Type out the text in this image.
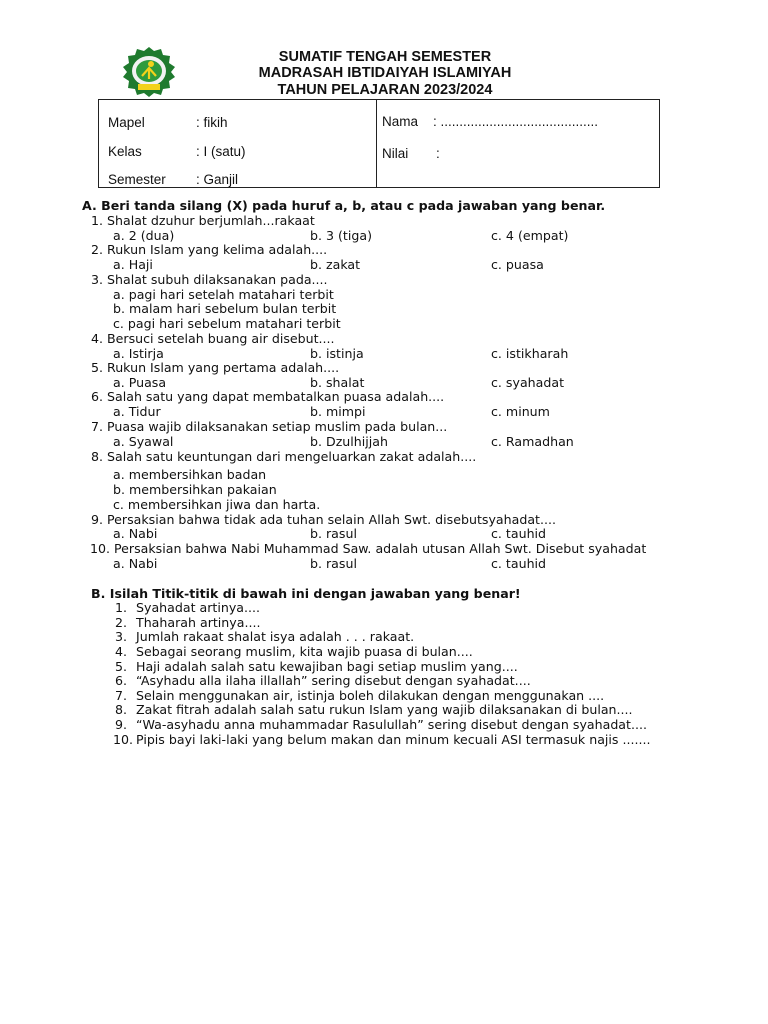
SUMATIF TENGAH SEMESTER
MADRASAH IBTIDAIYAH ISLAMIYAH
TAHUN PELAJARAN 2023/2024
Mapel	: fikih
Kelas	: I (satu)
Semester : Ganjil
Nama : ..........................................
Nilai :
A. Beri tanda silang (X) pada huruf a, b, atau c pada jawaban yang benar.
1. Shalat dzuhur berjumlah...rakaat
a. 2 (dua)	b. 3 (tiga)	c. 4 (empat)
2. Rukun Islam yang kelima adalah....
a. Haji	b. zakat	c. puasa
3. Shalat subuh dilaksanakan pada....
a. pagi hari setelah matahari terbit
b. malam hari sebelum bulan terbit
c. pagi hari sebelum matahari terbit
4. Bersuci setelah buang air disebut....
a. Istirja	b. istinja	c. istikharah
5. Rukun Islam yang pertama adalah....
a. Puasa	b. shalat	c. syahadat
6. Salah satu yang dapat membatalkan puasa adalah....
a. Tidur	b. mimpi	c. minum
7. Puasa wajib dilaksanakan setiap muslim pada bulan...
a. Syawal	b. Dzulhijjah	c. Ramadhan
8. Salah satu keuntungan dari mengeluarkan zakat adalah....
a. membersihkan badan
b. membersihkan pakaian
c. membersihkan jiwa dan harta.
9. Persaksian bahwa tidak ada tuhan selain Allah Swt. disebutsyahadat....
a. Nabi	b. rasul	c. tauhid
10. Persaksian bahwa Nabi Muhammad Saw. adalah utusan Allah Swt. Disebut syahadat
a. Nabi	b. rasul	c. tauhid
B. Isilah Titik-titik di bawah ini dengan jawaban yang benar!
1. Syahadat artinya....
2. Thaharah artinya....
3. Jumlah rakaat shalat isya adalah . . . rakaat.
4. Sebagai seorang muslim, kita wajib puasa di bulan....
5. Haji adalah salah satu kewajiban bagi setiap muslim yang....
6. “Asyhadu alla ilaha illallah” sering disebut dengan syahadat....
7. Selain menggunakan air, istinja boleh dilakukan dengan menggunakan ....
8. Zakat fitrah adalah salah satu rukun Islam yang wajib dilaksanakan di bulan....
9. “Wa-asyhadu anna muhammadar Rasulullah” sering disebut dengan syahadat....
10. Pipis bayi laki-laki yang belum makan dan minum kecuali ASI termasuk najis .......
